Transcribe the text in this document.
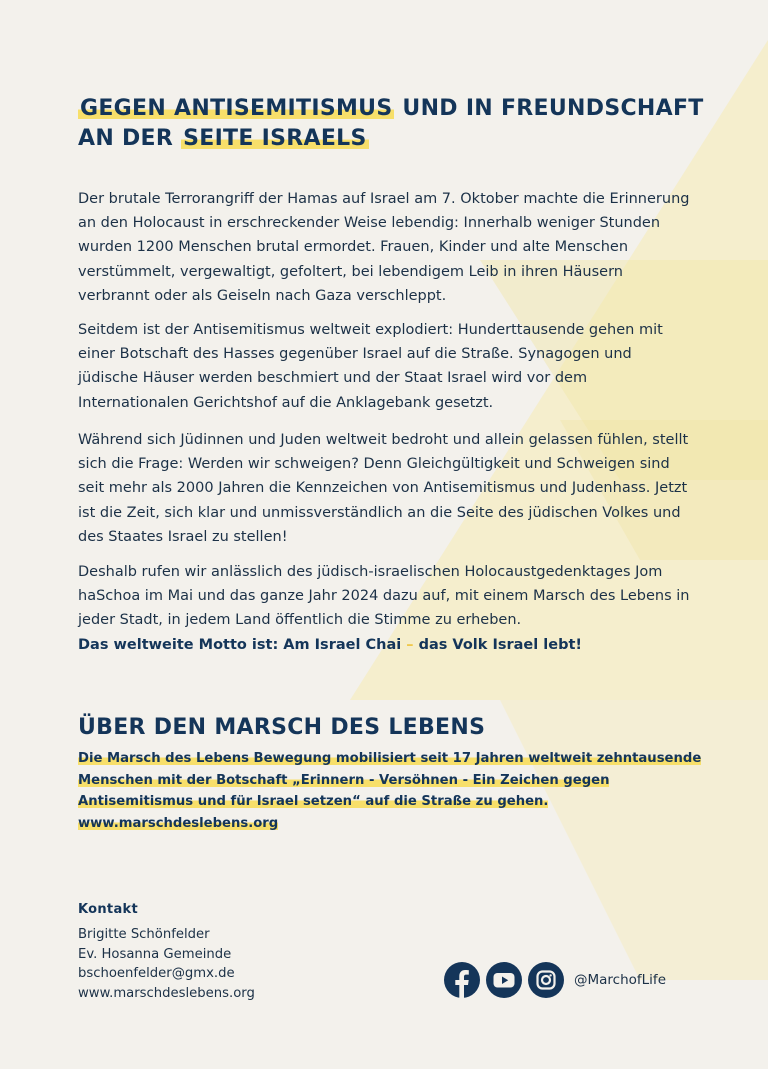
GEGEN ANTISEMITISMUS UND IN FREUNDSCHAFT AN DER SEITE ISRAELS

Der brutale Terrorangriff der Hamas auf Israel am 7. Oktober machte die Erinnerung an den Holocaust in erschreckender Weise lebendig: Innerhalb weniger Stunden wurden 1200 Menschen brutal ermordet. Frauen, Kinder und alte Menschen verstümmelt, vergewaltigt, gefoltert, bei lebendigem Leib in ihren Häusern verbrannt oder als Geiseln nach Gaza verschleppt.

Seitdem ist der Antisemitismus weltweit explodiert: Hunderttausende gehen mit einer Botschaft des Hasses gegenüber Israel auf die Straße. Synagogen und jüdische Häuser werden beschmiert und der Staat Israel wird vor dem Internationalen Gerichtshof auf die Anklagebank gesetzt.

Während sich Jüdinnen und Juden weltweit bedroht und allein gelassen fühlen, stellt sich die Frage: Werden wir schweigen? Denn Gleichgültigkeit und Schweigen sind seit mehr als 2000 Jahren die Kennzeichen von Antisemitismus und Judenhass. Jetzt ist die Zeit, sich klar und unmissverständlich an die Seite des jüdischen Volkes und des Staates Israel zu stellen!

Deshalb rufen wir anlässlich des jüdisch-israelischen Holocaustgedenktages Jom haSchoa im Mai und das ganze Jahr 2024 dazu auf, mit einem Marsch des Lebens in jeder Stadt, in jedem Land öffentlich die Stimme zu erheben.
Das weltweite Motto ist: Am Israel Chai – das Volk Israel lebt!
ÜBER DEN MARSCH DES LEBENS
Die Marsch des Lebens Bewegung mobilisiert seit 17 Jahren weltweit zehntausende Menschen mit der Botschaft „Erinnern - Versöhnen - Ein Zeichen gegen Antisemitismus und für Israel setzen“ auf die Straße zu gehen.
www.marschdeslebens.org
Kontakt
Brigitte Schönfelder
Ev. Hosanna Gemeinde
bschoenfelder@gmx.de
www.marschdeslebens.org
@MarchofLife
